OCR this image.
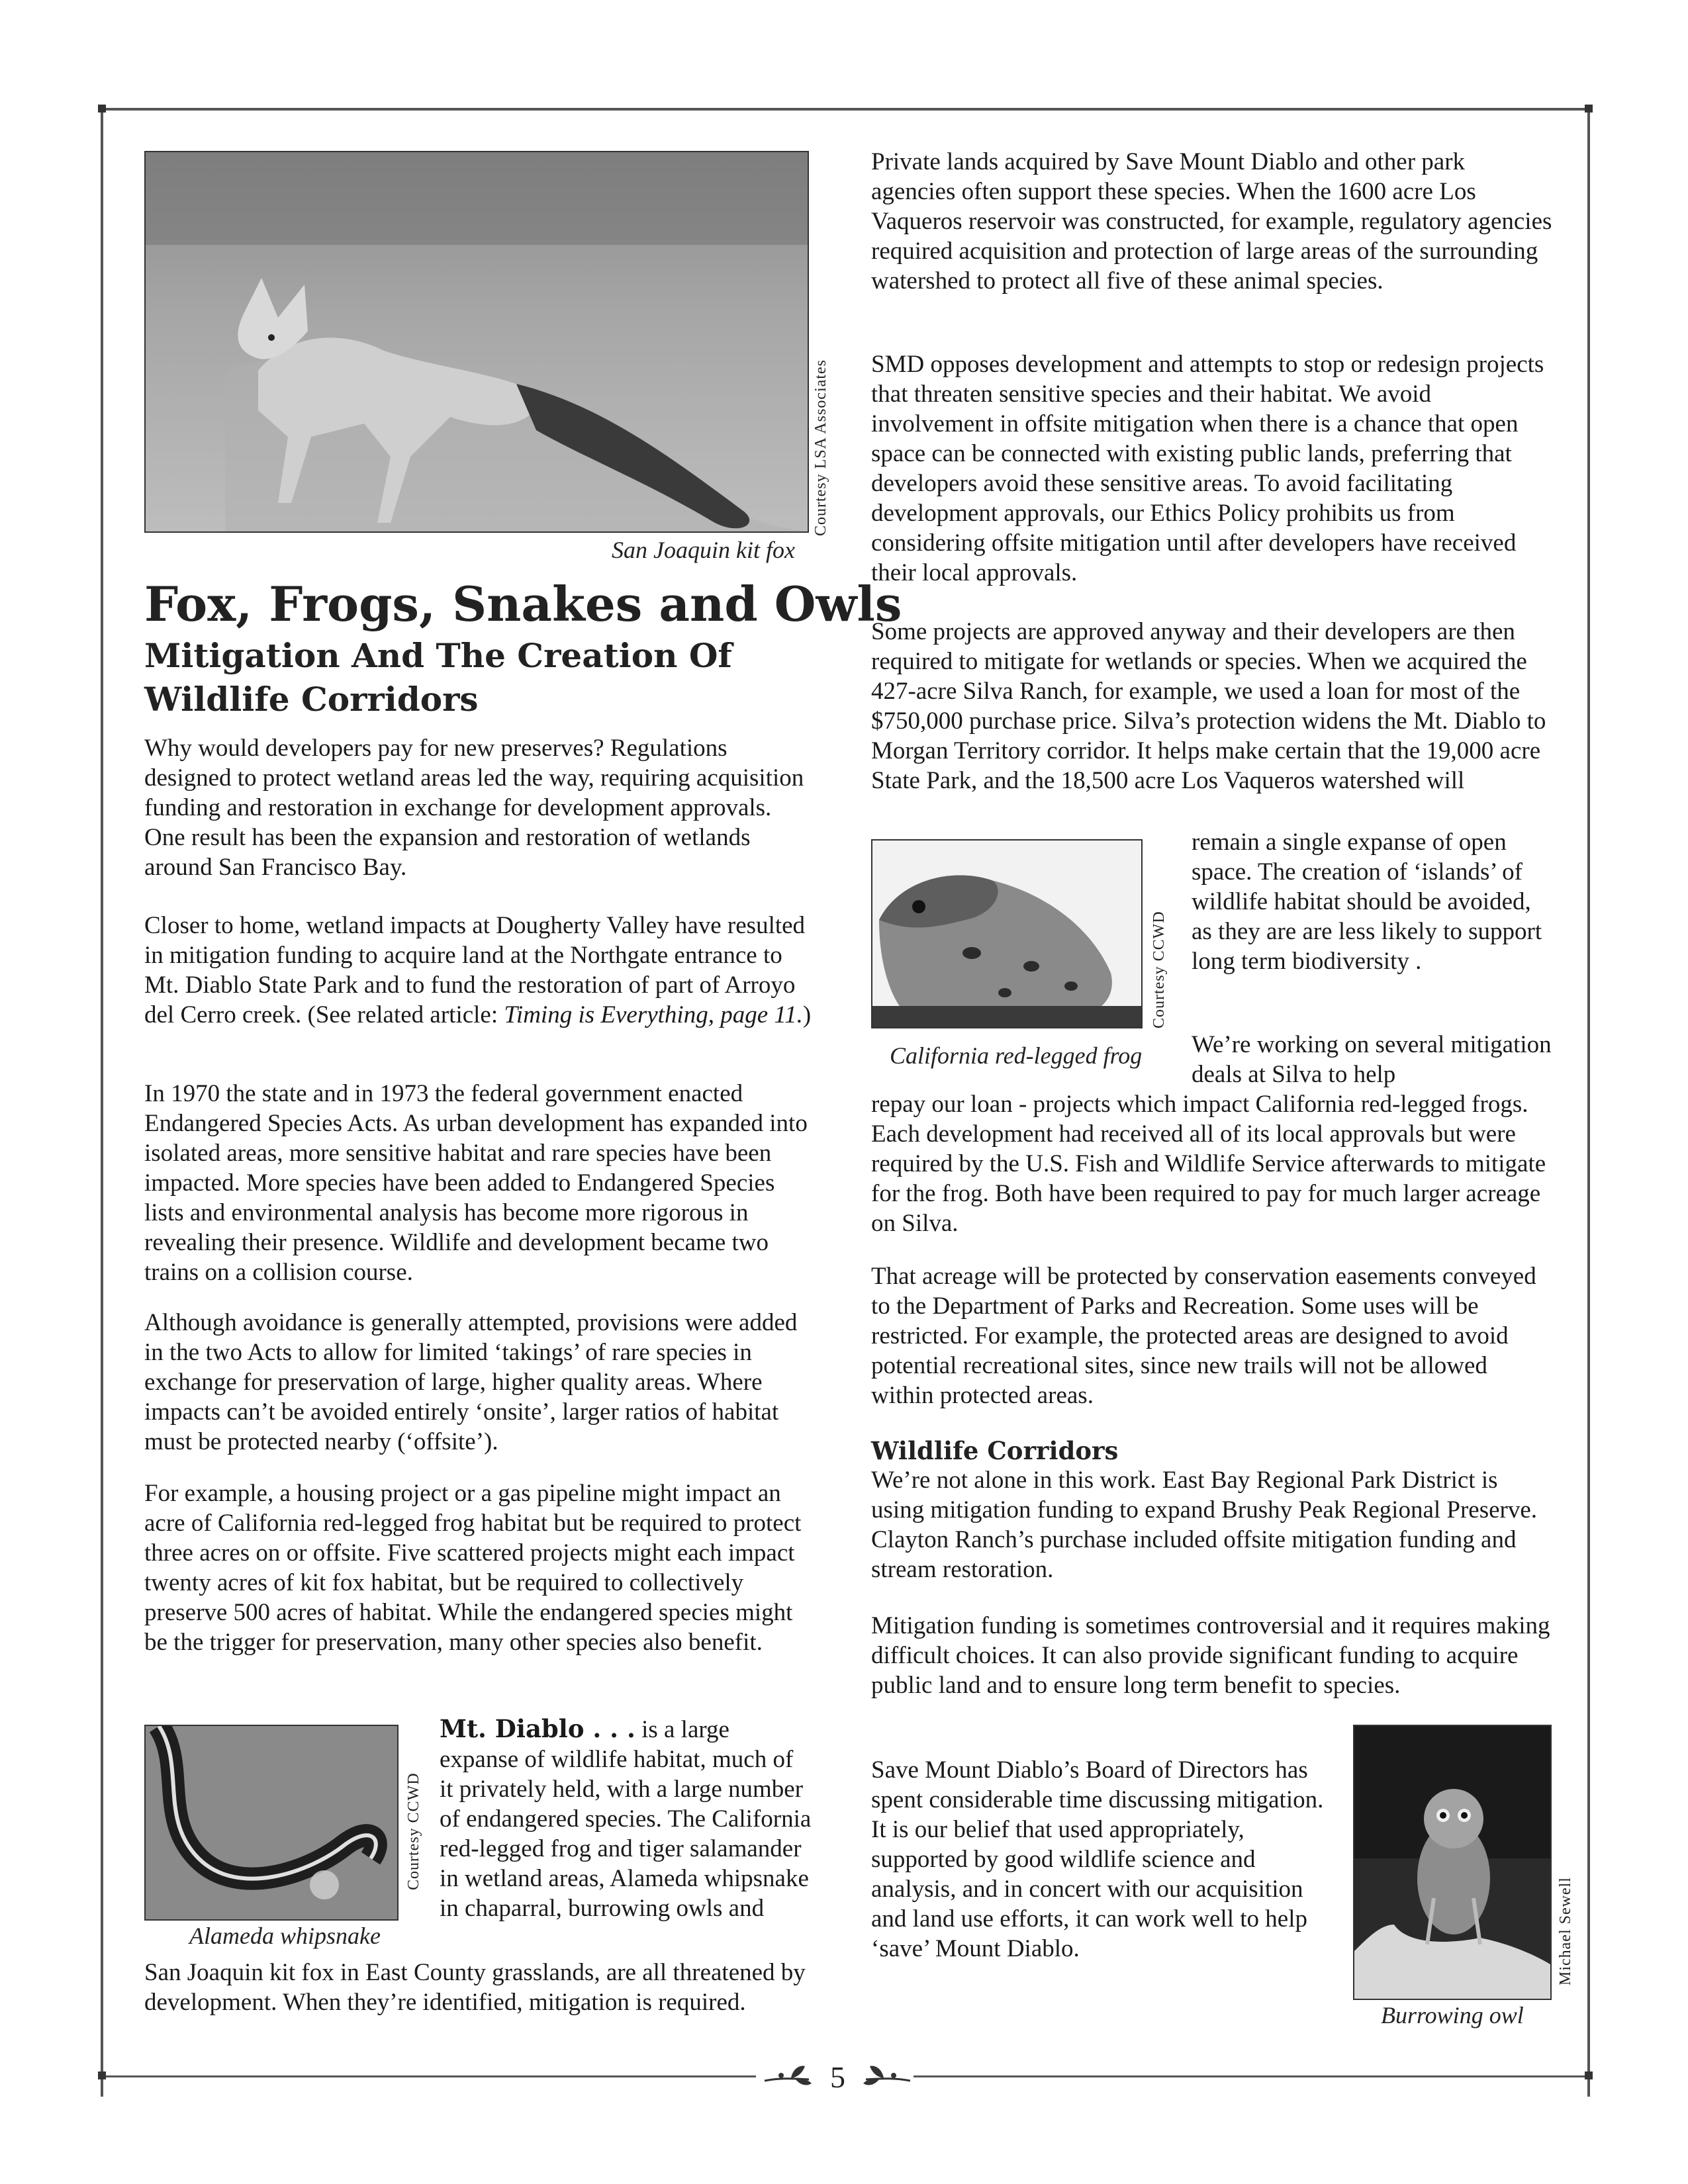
Courtesy LSA Associates
San Joaquin kit fox
Fox, Frogs, Snakes and Owls
Mitigation And The Creation Of Wildlife Corridors

Why would developers pay for new preserves? Regulations designed to protect wetland areas led the way, requiring acquisition funding and restoration in exchange for development approvals. One result has been the expansion and restoration of wetlands around San Francisco Bay.

Closer to home, wetland impacts at Dougherty Valley have resulted in mitigation funding to acquire land at the Northgate entrance to Mt. Diablo State Park and to fund the restoration of part of Arroyo del Cerro creek. (See related article: Timing is Everything, page 11.)

In 1970 the state and in 1973 the federal government enacted Endangered Species Acts. As urban development has expanded into isolated areas, more sensitive habitat and rare species have been impacted. More species have been added to Endangered Species lists and environmental analysis has become more rigorous in revealing their presence. Wildlife and development became two trains on a collision course.

Although avoidance is generally attempted, provisions were added in the two Acts to allow for limited ‘takings’ of rare species in exchange for preservation of large, higher quality areas. Where impacts can’t be avoided entirely ‘onsite’, larger ratios of habitat must be protected nearby (‘offsite’).

For example, a housing project or a gas pipeline might impact an acre of California red-legged frog habitat but be required to protect three acres on or offsite. Five scattered projects might each impact twenty acres of kit fox habitat, but be required to collectively preserve 500 acres of habitat. While the endangered species might be the trigger for preservation, many other species also benefit.

Courtesy CCWD
Alameda whipsnake

Mt. Diablo . . . is a large expanse of wildlife habitat, much of it privately held, with a large number of endangered species. The California red-legged frog and tiger salamander in wetland areas, Alameda whipsnake in chaparral, burrowing owls and

San Joaquin kit fox in East County grasslands, are all threatened by development. When they’re identified, mitigation is required.

Private lands acquired by Save Mount Diablo and other park agencies often support these species. When the 1600 acre Los Vaqueros reservoir was constructed, for example, regulatory agencies required acquisition and protection of large areas of the surrounding watershed to protect all five of these animal species.

SMD opposes development and attempts to stop or redesign projects that threaten sensitive species and their habitat. We avoid involvement in offsite mitigation when there is a chance that open space can be connected with existing public lands, preferring that developers avoid these sensitive areas. To avoid facilitating development approvals, our Ethics Policy prohibits us from considering offsite mitigation until after developers have received their local approvals.

Some projects are approved anyway and their developers are then required to mitigate for wetlands or species. When we acquired the 427-acre Silva Ranch, for example, we used a loan for most of the $750,000 purchase price. Silva’s protection widens the Mt. Diablo to Morgan Territory corridor. It helps make certain that the 19,000 acre State Park, and the 18,500 acre Los Vaqueros watershed will

Courtesy CCWD
California red-legged frog

remain a single expanse of open space. The creation of ‘islands’ of wildlife habitat should be avoided, as they are are less likely to support long term biodiversity .

We’re working on several mitigation deals at Silva to help

repay our loan - projects which impact California red-legged frogs. Each development had received all of its local approvals but were required by the U.S. Fish and Wildlife Service afterwards to mitigate for the frog. Both have been required to pay for much larger acreage on Silva.

That acreage will be protected by conservation easements conveyed to the Department of Parks and Recreation. Some uses will be restricted. For example, the protected areas are designed to avoid potential recreational sites, since new trails will not be allowed within protected areas.

Wildlife Corridors

We’re not alone in this work. East Bay Regional Park District is using mitigation funding to expand Brushy Peak Regional Preserve. Clayton Ranch’s purchase included offsite mitigation funding and stream restoration.

Mitigation funding is sometimes controversial and it requires making difficult choices. It can also provide significant funding to acquire public land and to ensure long term benefit to species.

Michael Sewell
Burrowing owl

Save Mount Diablo’s Board of Directors has spent considerable time discussing mitigation. It is our belief that used appropriately, supported by good wildlife science and analysis, and in concert with our acquisition and land use efforts, it can work well to help ‘save’ Mount Diablo.

5
